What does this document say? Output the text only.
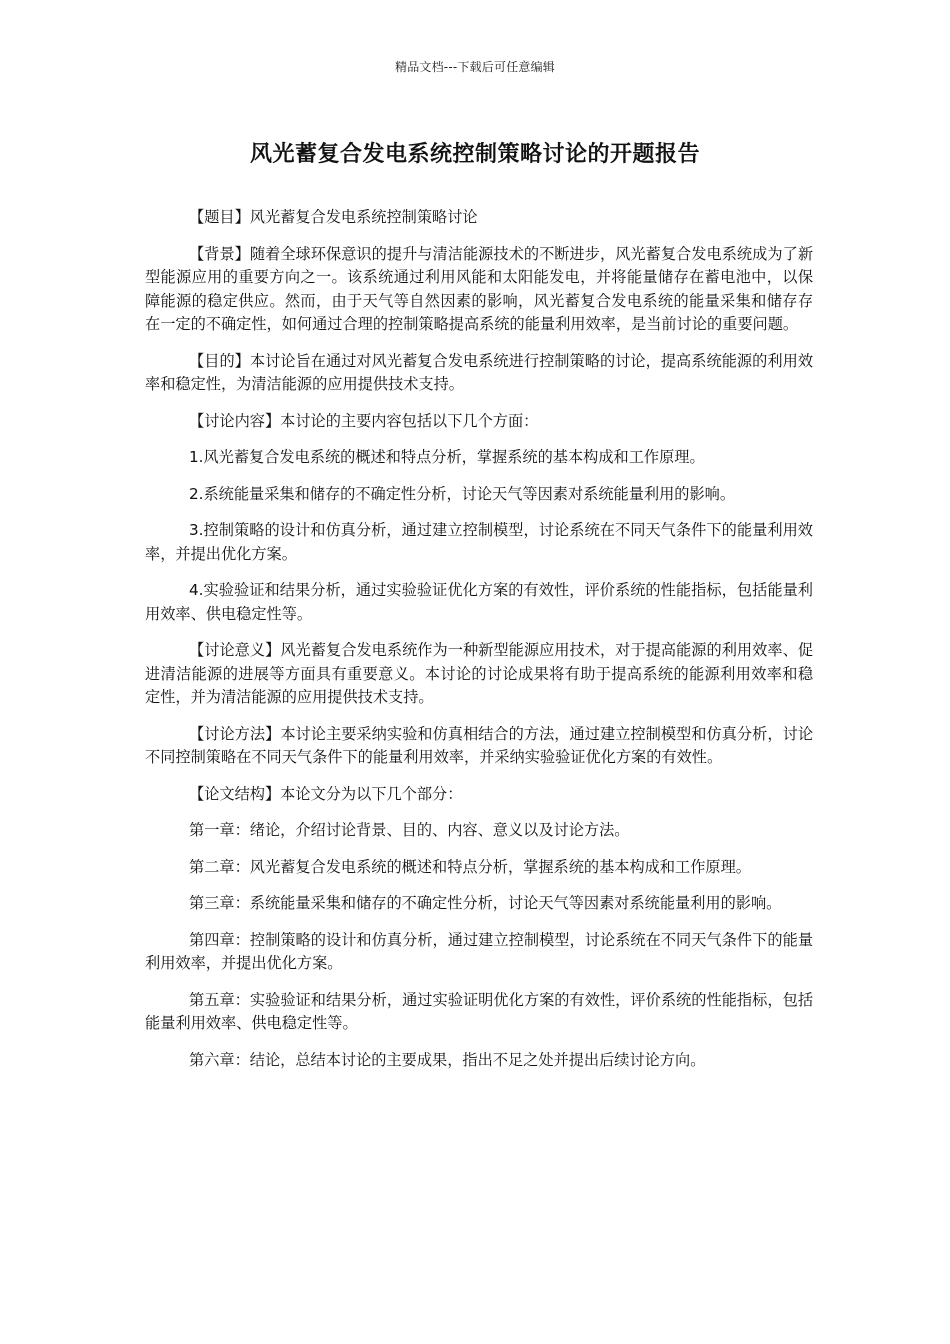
精品文档---下载后可任意编辑
风光蓄复合发电系统控制策略讨论的开题报告

【题目】风光蓄复合发电系统控制策略讨论

【背景】随着全球环保意识的提升与清洁能源技术的不断进步，风光蓄复合发电系统成为了新型能源应用的重要方向之一。该系统通过利用风能和太阳能发电，并将能量储存在蓄电池中，以保障能源的稳定供应。然而，由于天气等自然因素的影响，风光蓄复合发电系统的能量采集和储存存在一定的不确定性，如何通过合理的控制策略提高系统的能量利用效率，是当前讨论的重要问题。

【目的】本讨论旨在通过对风光蓄复合发电系统进行控制策略的讨论，提高系统能源的利用效率和稳定性，为清洁能源的应用提供技术支持。

【讨论内容】本讨论的主要内容包括以下几个方面：

1.风光蓄复合发电系统的概述和特点分析，掌握系统的基本构成和工作原理。

2.系统能量采集和储存的不确定性分析，讨论天气等因素对系统能量利用的影响。

3.控制策略的设计和仿真分析，通过建立控制模型，讨论系统在不同天气条件下的能量利用效率，并提出优化方案。

4.实验验证和结果分析，通过实验验证优化方案的有效性，评价系统的性能指标，包括能量利用效率、供电稳定性等。

【讨论意义】风光蓄复合发电系统作为一种新型能源应用技术，对于提高能源的利用效率、促进清洁能源的进展等方面具有重要意义。本讨论的讨论成果将有助于提高系统的能源利用效率和稳定性，并为清洁能源的应用提供技术支持。

【讨论方法】本讨论主要采纳实验和仿真相结合的方法，通过建立控制模型和仿真分析，讨论不同控制策略在不同天气条件下的能量利用效率，并采纳实验验证优化方案的有效性。

【论文结构】本论文分为以下几个部分：

第一章：绪论，介绍讨论背景、目的、内容、意义以及讨论方法。

第二章：风光蓄复合发电系统的概述和特点分析，掌握系统的基本构成和工作原理。

第三章：系统能量采集和储存的不确定性分析，讨论天气等因素对系统能量利用的影响。

第四章：控制策略的设计和仿真分析，通过建立控制模型，讨论系统在不同天气条件下的能量利用效率，并提出优化方案。

第五章：实验验证和结果分析，通过实验证明优化方案的有效性，评价系统的性能指标，包括能量利用效率、供电稳定性等。

第六章：结论，总结本讨论的主要成果，指出不足之处并提出后续讨论方向。
